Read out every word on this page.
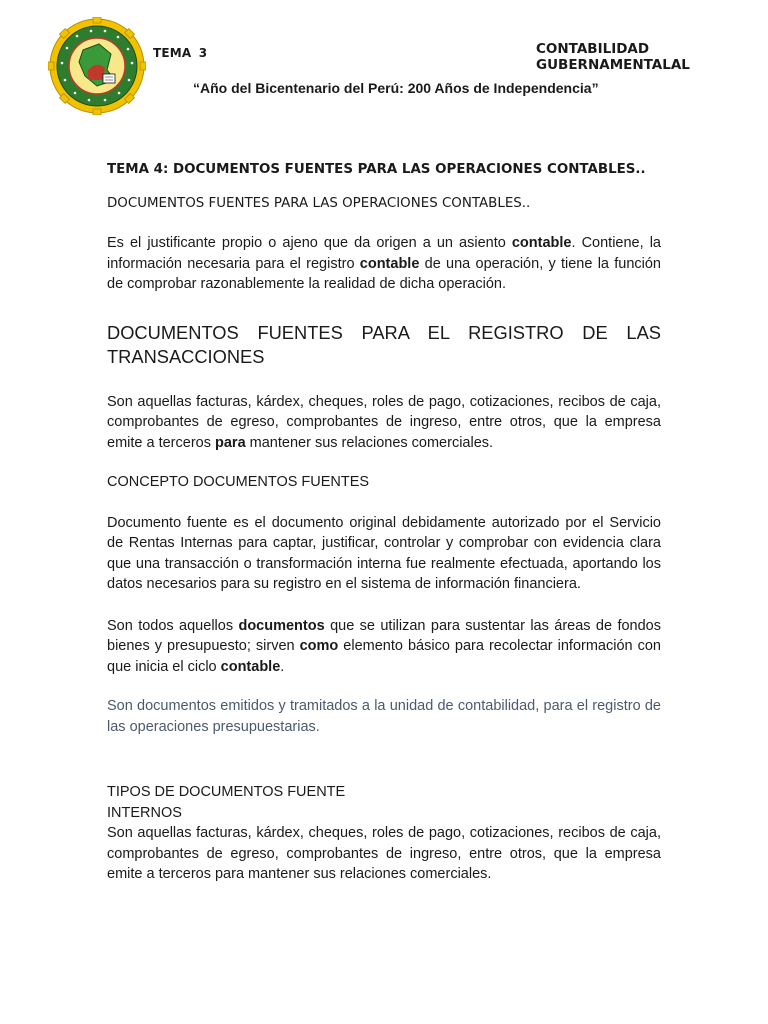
TEMA 3	CONTABILIDAD
GUBERNAMENTALAL
“Año del Bicentenario del Perú: 200 Años de Independencia”
TEMA 4: DOCUMENTOS FUENTES PARA LAS OPERACIONES CONTABLES..
DOCUMENTOS FUENTES PARA LAS OPERACIONES CONTABLES..

Es el justificante propio o ajeno que da origen a un asiento contable. Contiene, la información necesaria para el registro contable de una operación, y tiene la función de comprobar razonablemente la realidad de dicha operación.

DOCUMENTOS FUENTES PARA EL REGISTRO DE LAS TRANSACCIONES

Son aquellas facturas, kárdex, cheques, roles de pago, cotizaciones, recibos de caja, comprobantes de egreso, comprobantes de ingreso, entre otros, que la empresa emite a terceros para mantener sus relaciones comerciales.

CONCEPTO DOCUMENTOS FUENTES

Documento fuente es el documento original debidamente autorizado por el Servicio de Rentas Internas para captar, justificar, controlar y comprobar con evidencia clara que una transacción o transformación interna fue realmente efectuada, aportando los datos necesarios para su registro en el sistema de información financiera.

Son todos aquellos documentos que se utilizan para sustentar las áreas de fondos bienes y presupuesto; sirven como elemento básico para recolectar información con que inicia el ciclo contable.

Son documentos emitidos y tramitados a la unidad de contabilidad, para el registro de las operaciones presupuestarias.

TIPOS DE DOCUMENTOS FUENTE
INTERNOS

Son aquellas facturas, kárdex, cheques, roles de pago, cotizaciones, recibos de caja, comprobantes de egreso, comprobantes de ingreso, entre otros, que la empresa emite a terceros para mantener sus relaciones comerciales.
